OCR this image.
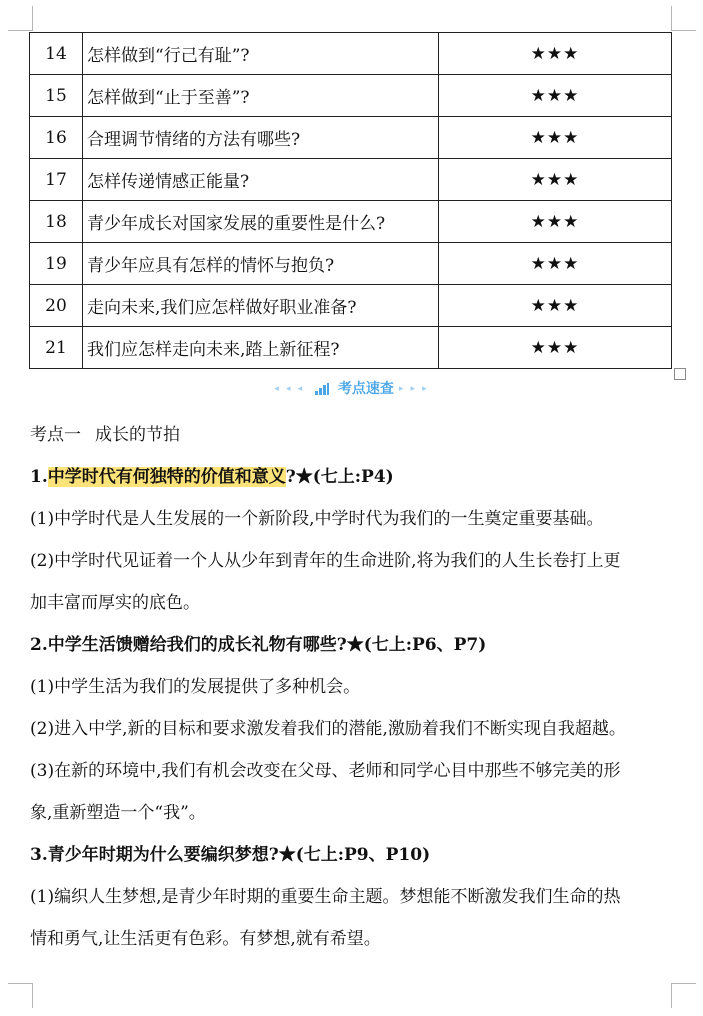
14	怎样做到“行己有耻”?	★★★
15	怎样做到“止于至善”?	★★★
16	合理调节情绪的方法有哪些?	★★★
17	怎样传递情感正能量?	★★★
18	青少年成长对国家发展的重要性是什么?	★★★
19	青少年应具有怎样的情怀与抱负?	★★★
20	走向未来,我们应怎样做好职业准备?	★★★
21	我们应怎样走向未来,踏上新征程?	★★★
◂ ◂ ◂ 考点速查 ▸ ▸ ▸
考点一 成长的节拍
1.中学时代有何独特的价值和意义?★(七上:P4)
(1)中学时代是人生发展的一个新阶段,中学时代为我们的一生奠定重要基础。
(2)中学时代见证着一个人从少年到青年的生命进阶,将为我们的人生长卷打上更
加丰富而厚实的底色。
2.中学生活馈赠给我们的成长礼物有哪些?★(七上:P6、P7)
(1)中学生活为我们的发展提供了多种机会。
(2)进入中学,新的目标和要求激发着我们的潜能,激励着我们不断实现自我超越。
(3)在新的环境中,我们有机会改变在父母、老师和同学心目中那些不够完美的形
象,重新塑造一个“我”。
3.青少年时期为什么要编织梦想?★(七上:P9、P10)
(1)编织人生梦想,是青少年时期的重要生命主题。梦想能不断激发我们生命的热
情和勇气,让生活更有色彩。有梦想,就有希望。
